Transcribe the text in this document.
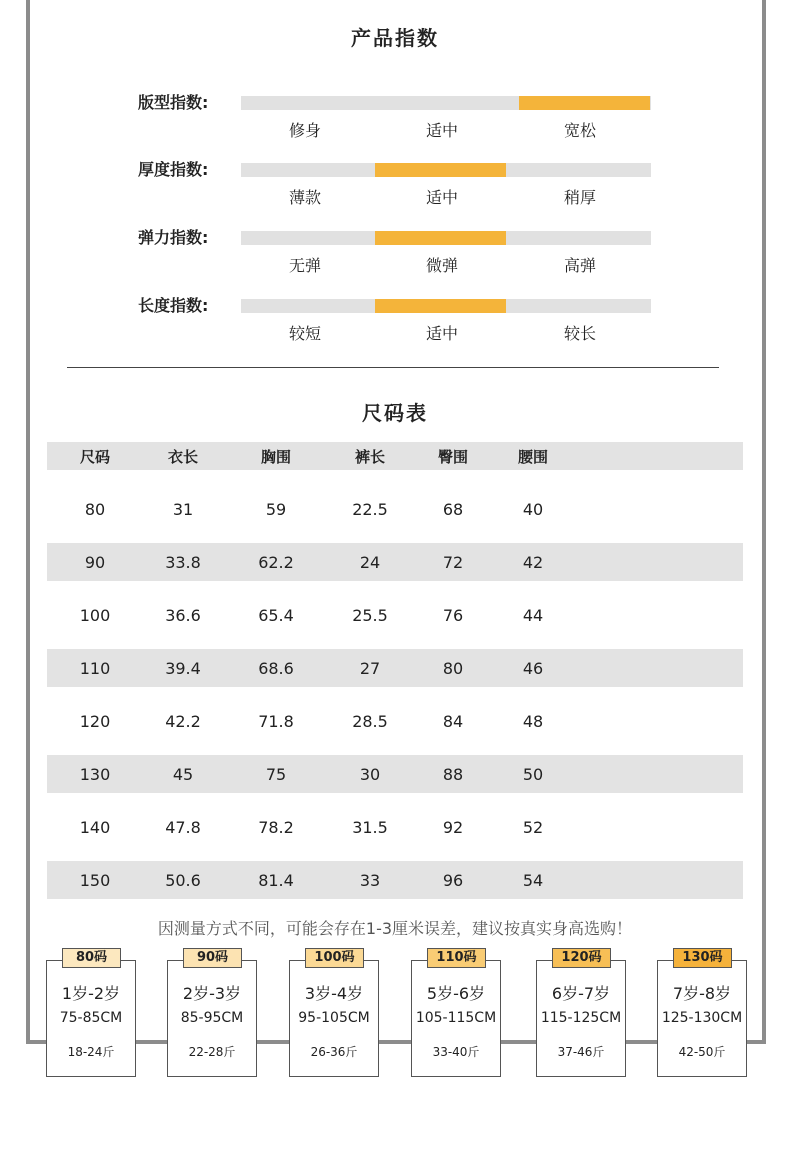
产品指数
版型指数:
修身	适中	宽松
厚度指数:
薄款	适中	稍厚
弹力指数:
无弹	微弹	高弹
长度指数:
较短	适中	较长
尺码表
尺码	衣长	胸围	裤长	臀围	腰围
80	31	59	22.5	68	40
90	33.8	62.2	24	72	42
100	36.6	65.4	25.5	76	44
110	39.4	68.6	27	80	46
120	42.2	71.8	28.5	84	48
130	45	75	30	88	50
140	47.8	78.2	31.5	92	52
150	50.6	81.4	33	96	54
因测量方式不同，可能会存在1-3厘米误差，建议按真实身高选购！
80码
1岁-2岁
75-85CM
18-24斤
90码
2岁-3岁
85-95CM
22-28斤
100码
3岁-4岁
95-105CM
26-36斤
110码
5岁-6岁
105-115CM
33-40斤
120码
6岁-7岁
115-125CM
37-46斤
130码
7岁-8岁
125-130CM
42-50斤
